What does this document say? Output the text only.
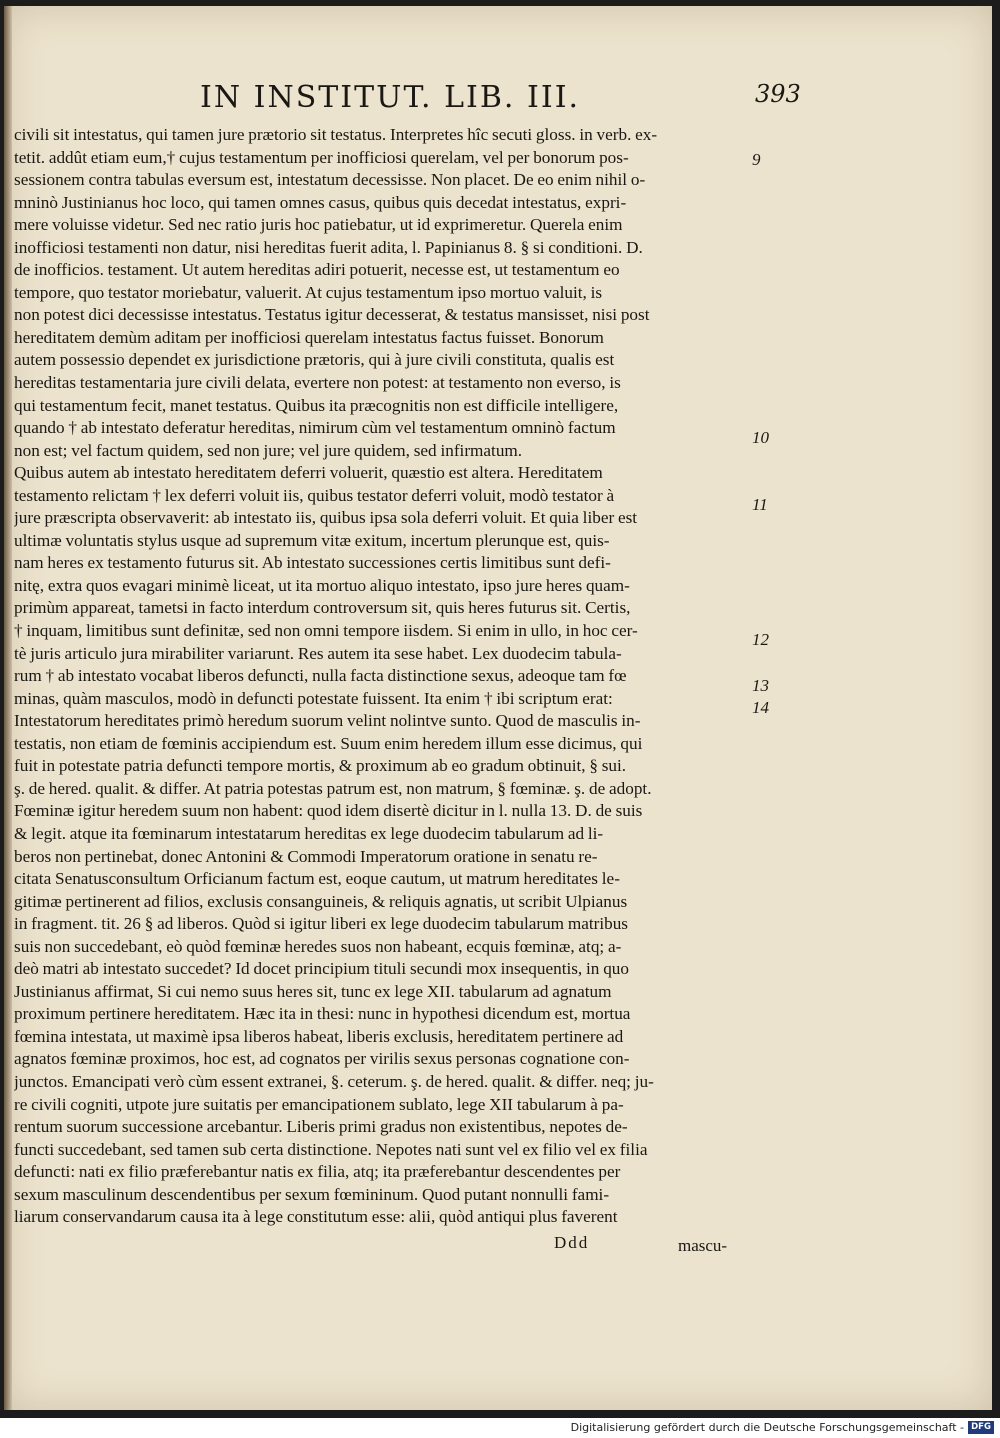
IN INSTITUT. LIB. III.	393
civili sit intestatus, qui tamen jure prætorio sit testatus. Interpretes hîc secuti gloss. in verb. ex-
tetit. addût etiam eum,† cujus testamentum per inofficiosi querelam, vel per bonorum pos-
sessionem contra tabulas eversum est, intestatum decessisse. Non placet. De eo enim nihil o-
mninò Justinianus hoc loco, qui tamen omnes casus, quibus quis decedat intestatus, expri-
mere voluisse videtur. Sed nec ratio juris hoc patiebatur, ut id exprimeretur. Querela enim
inofficiosi testamenti non datur, nisi hereditas fuerit adita, l. Papinianus 8. § si conditioni. D.
de inofficios. testament. Ut autem hereditas adiri potuerit, necesse est, ut testamentum eo
tempore, quo testator moriebatur, valuerit. At cujus testamentum ipso mortuo valuit, is
non potest dici decessisse intestatus. Testatus igitur decesserat, & testatus mansisset, nisi post
hereditatem demùm aditam per inofficiosi querelam intestatus factus fuisset. Bonorum
autem possessio dependet ex jurisdictione prætoris, qui à jure civili constituta, qualis est
hereditas testamentaria jure civili delata, evertere non potest: at testamento non everso, is
qui testamentum fecit, manet testatus. Quibus ita præcognitis non est difficile intelligere,
quando † ab intestato deferatur hereditas, nimirum cùm vel testamentum omninò factum
non est; vel factum quidem, sed non jure; vel jure quidem, sed infirmatum.
Quibus autem ab intestato hereditatem deferri voluerit, quæstio est altera. Hereditatem
testamento relictam † lex deferri voluit iis, quibus testator deferri voluit, modò testator à
jure præscripta observaverit: ab intestato iis, quibus ipsa sola deferri voluit. Et quia liber est
ultimæ voluntatis stylus usque ad supremum vitæ exitum, incertum plerunque est, quis-
nam heres ex testamento futurus sit. Ab intestato successiones certis limitibus sunt defi-
nitę, extra quos evagari minimè liceat, ut ita mortuo aliquo intestato, ipso jure heres quam-
primùm appareat, tametsi in facto interdum controversum sit, quis heres futurus sit. Certis,
† inquam, limitibus sunt definitæ, sed non omni tempore iisdem. Si enim in ullo, in hoc cer-
tè juris articulo jura mirabiliter variarunt. Res autem ita sese habet. Lex duodecim tabula-
rum † ab intestato vocabat liberos defuncti, nulla facta distinctione sexus, adeoque tam fœ
minas, quàm masculos, modò in defuncti potestate fuissent. Ita enim † ibi scriptum erat:
Intestatorum hereditates primò heredum suorum velint nolintve sunto. Quod de masculis in-
testatis, non etiam de fœminis accipiendum est. Suum enim heredem illum esse dicimus, qui
fuit in potestate patria defuncti tempore mortis, & proximum ab eo gradum obtinuit, § sui.
ş. de hered. qualit. & differ. At patria potestas patrum est, non matrum, § fœminæ. ş. de adopt.
Fœminæ igitur heredem suum non habent: quod idem disertè dicitur in l. nulla 13. D. de suis
& legit. atque ita fœminarum intestatarum hereditas ex lege duodecim tabularum ad li-
beros non pertinebat, donec Antonini & Commodi Imperatorum oratione in senatu re-
citata Senatusconsultum Orficianum factum est, eoque cautum, ut matrum hereditates le-
gitimæ pertinerent ad filios, exclusis consanguineis, & reliquis agnatis, ut scribit Ulpianus
in fragment. tit. 26 § ad liberos. Quòd si igitur liberi ex lege duodecim tabularum matribus
suis non succedebant, eò quòd fœminæ heredes suos non habeant, ecquis fœminæ, atq; a-
deò matri ab intestato succedet? Id docet principium tituli secundi mox insequentis, in quo
Justinianus affirmat, Si cui nemo suus heres sit, tunc ex lege XII. tabularum ad agnatum
proximum pertinere hereditatem. Hæc ita in thesi: nunc in hypothesi dicendum est, mortua
fœmina intestata, ut maximè ipsa liberos habeat, liberis exclusis, hereditatem pertinere ad
agnatos fœminæ proximos, hoc est, ad cognatos per virilis sexus personas cognatione con-
junctos. Emancipati verò cùm essent extranei, §. ceterum. ş. de hered. qualit. & differ. neq; ju-
re civili cogniti, utpote jure suitatis per emancipationem sublato, lege XII tabularum à pa-
rentum suorum successione arcebantur. Liberis primi gradus non existentibus, nepotes de-
functi succedebant, sed tamen sub certa distinctione. Nepotes nati sunt vel ex filio vel ex filia
defuncti: nati ex filio præferebantur natis ex filia, atq; ita præferebantur descendentes per
sexum masculinum descendentibus per sexum fœmininum. Quod putant nonnulli fami-
liarum conservandarum causa ita à lege constitutum esse: alii, quòd antiqui plus faverent
9
10
11
12
13
14
Ddd	mascu-
Digitalisierung gefördert durch die Deutsche Forschungsgemeinschaft - DFG
